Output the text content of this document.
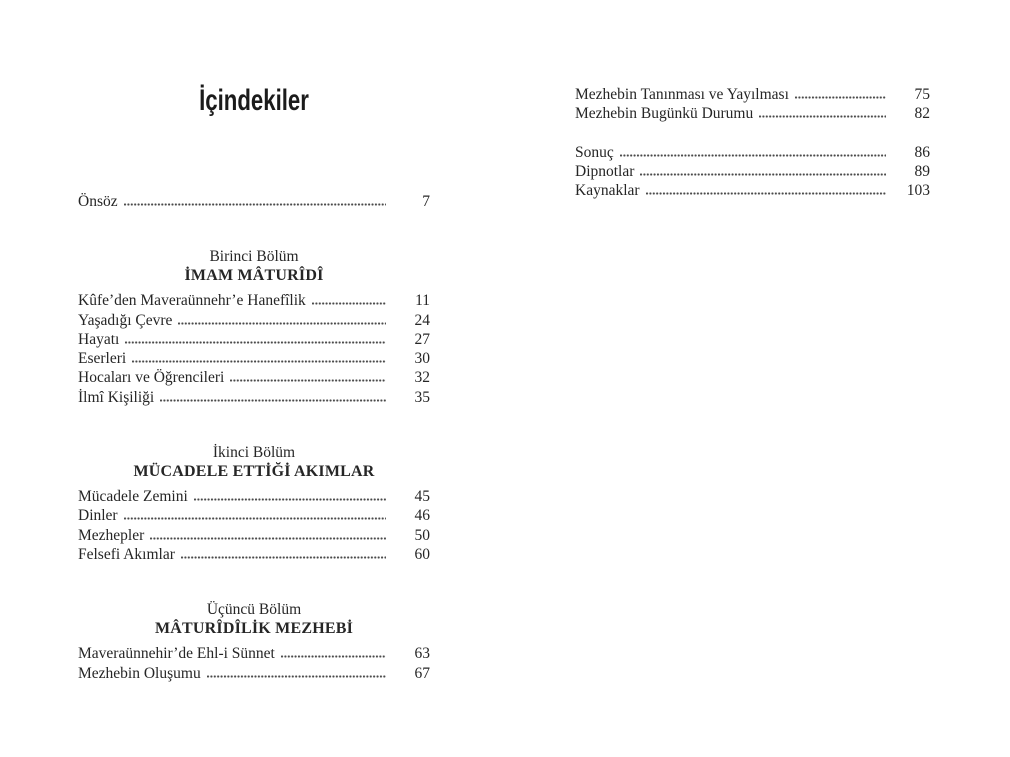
İçindekiler
Önsöz	7
Birinci Bölüm
İMAM MÂTURÎDÎ
Kûfe’den Maveraünnehr’e Hanefîlik	11
Yaşadığı Çevre	24
Hayatı	27
Eserleri	30
Hocaları ve Öğrencileri	32
İlmî Kişiliği	35
İkinci Bölüm
MÜCADELE ETTİĞİ AKIMLAR
Mücadele Zemini	45
Dinler	46
Mezhepler	50
Felsefi Akımlar	60
Üçüncü Bölüm
MÂTURÎDÎLİK MEZHEBİ
Maveraünnehir’de Ehl-i Sünnet	63
Mezhebin Oluşumu	67
Mezhebin Tanınması ve Yayılması	75
Mezhebin Bugünkü Durumu	82
Sonuç	86
Dipnotlar	89
Kaynaklar	103
